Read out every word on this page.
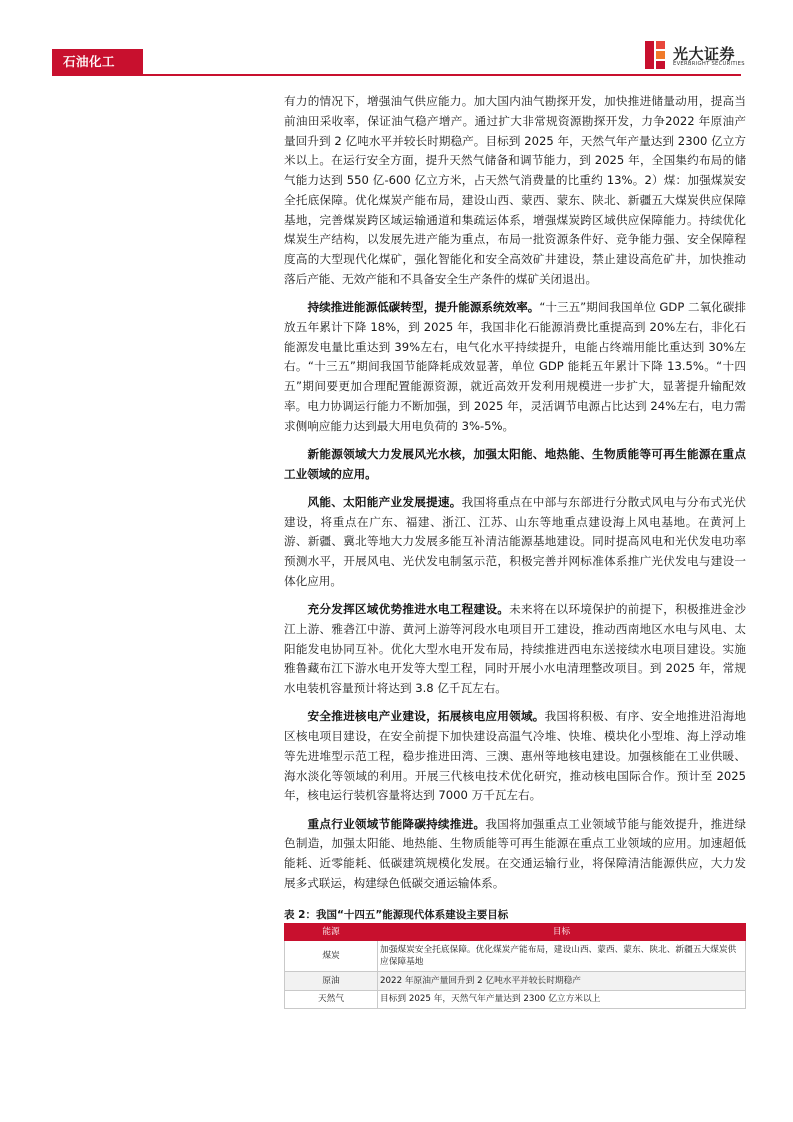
石油化工	光大证券
EVERBRIGHT SECURITIES

有力的情况下，增强油气供应能力。加大国内油气勘探开发，加快推进储量动用，提高当前油田采收率，保证油气稳产增产。通过扩大非常规资源勘探开发，力争2022 年原油产量回升到 2 亿吨水平并较长时期稳产。目标到 2025 年，天然气年产量达到 2300 亿立方米以上。在运行安全方面，提升天然气储备和调节能力，到 2025 年，全国集约布局的储气能力达到 550 亿-600 亿立方米，占天然气消费量的比重约 13%。2）煤：加强煤炭安全托底保障。优化煤炭产能布局，建设山西、蒙西、蒙东、陕北、新疆五大煤炭供应保障基地，完善煤炭跨区域运输通道和集疏运体系，增强煤炭跨区域供应保障能力。持续优化煤炭生产结构，以发展先进产能为重点，布局一批资源条件好、竞争能力强、安全保障程度高的大型现代化煤矿，强化智能化和安全高效矿井建设，禁止建设高危矿井，加快推动落后产能、无效产能和不具备安全生产条件的煤矿关闭退出。

持续推进能源低碳转型，提升能源系统效率。“十三五”期间我国单位 GDP 二氧化碳排放五年累计下降 18%，到 2025 年，我国非化石能源消费比重提高到 20%左右，非化石能源发电量比重达到 39%左右，电气化水平持续提升，电能占终端用能比重达到 30%左右。“十三五”期间我国节能降耗成效显著，单位 GDP 能耗五年累计下降 13.5%。“十四五”期间要更加合理配置能源资源，就近高效开发利用规模进一步扩大，显著提升输配效率。电力协调运行能力不断加强，到 2025 年，灵活调节电源占比达到 24%左右，电力需求侧响应能力达到最大用电负荷的 3%-5%。

新能源领域大力发展风光水核，加强太阳能、地热能、生物质能等可再生能源在重点工业领域的应用。

风能、太阳能产业发展提速。我国将重点在中部与东部进行分散式风电与分布式光伏建设，将重点在广东、福建、浙江、江苏、山东等地重点建设海上风电基地。在黄河上游、新疆、冀北等地大力发展多能互补清洁能源基地建设。同时提高风电和光伏发电功率预测水平，开展风电、光伏发电制氢示范，积极完善并网标准体系推广光伏发电与建设一体化应用。

充分发挥区域优势推进水电工程建设。未来将在以环境保护的前提下，积极推进金沙江上游、雅砻江中游、黄河上游等河段水电项目开工建设，推动西南地区水电与风电、太阳能发电协同互补。优化大型水电开发布局，持续推进西电东送接续水电项目建设。实施雅鲁藏布江下游水电开发等大型工程，同时开展小水电清理整改项目。到 2025 年，常规水电装机容量预计将达到 3.8 亿千瓦左右。

安全推进核电产业建设，拓展核电应用领域。我国将积极、有序、安全地推进沿海地区核电项目建设，在安全前提下加快建设高温气冷堆、快堆、模块化小型堆、海上浮动堆等先进堆型示范工程，稳步推进田湾、三澳、惠州等地核电建设。加强核能在工业供暖、海水淡化等领域的利用。开展三代核电技术优化研究，推动核电国际合作。预计至 2025 年，核电运行装机容量将达到 7000 万千瓦左右。

重点行业领域节能降碳持续推进。我国将加强重点工业领域节能与能效提升，推进绿色制造，加强太阳能、地热能、生物质能等可再生能源在重点工业领域的应用。加速超低能耗、近零能耗、低碳建筑规模化发展。在交通运输行业，将保障清洁能源供应，大力发展多式联运，构建绿色低碳交通运输体系。

表 2：我国“十四五”能源现代体系建设主要目标
能源	目标
煤炭	加强煤炭安全托底保障。优化煤炭产能布局，建设山西、蒙西、蒙东、陕北、新疆五大煤炭供应保障基地
原油	2022 年原油产量回升到 2 亿吨水平并较长时期稳产
天然气	目标到 2025 年，天然气年产量达到 2300 亿立方米以上
